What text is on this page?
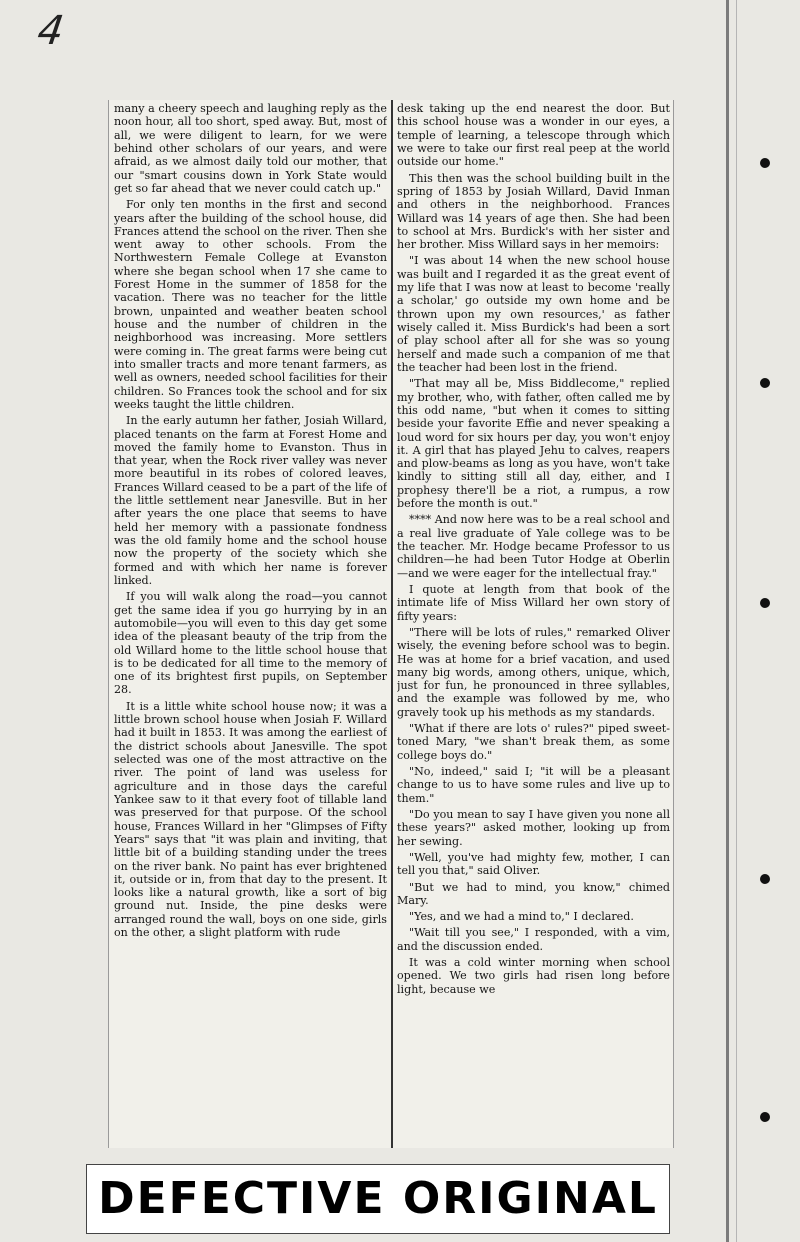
4

many a cheery speech and laughing reply as the noon hour, all too short, sped away. But, most of all, we were diligent to learn, for we were behind other scholars of our years, and were afraid, as we almost daily told our mother, that our "smart cousins down in York State would get so far ahead that we never could catch up."

For only ten months in the first and second years after the building of the school house, did Frances attend the school on the river. Then she went away to other schools. From the Northwestern Female College at Evanston where she began school when 17 she came to Forest Home in the summer of 1858 for the vacation. There was no teacher for the little brown, unpainted and weather beaten school house and the number of children in the neighborhood was increasing. More settlers were coming in. The great farms were being cut into smaller tracts and more tenant farmers, as well as owners, needed school facilities for their children. So Frances took the school and for six weeks taught the little children.

In the early autumn her father, Josiah Willard, placed tenants on the farm at Forest Home and moved the family home to Evanston. Thus in that year, when the Rock river valley was never more beautiful in its robes of colored leaves, Frances Willard ceased to be a part of the life of the little settlement near Janesville. But in her after years the one place that seems to have held her memory with a passionate fondness was the old family home and the school house now the property of the society which she formed and with which her name is forever linked.

If you will walk along the road—you cannot get the same idea if you go hurrying by in an automobile—you will even to this day get some idea of the pleasant beauty of the trip from the old Willard home to the little school house that is to be dedicated for all time to the memory of one of its brightest first pupils, on September 28.

It is a little white school house now; it was a little brown school house when Josiah F. Willard had it built in 1853. It was among the earliest of the district schools about Janesville. The spot selected was one of the most attractive on the river. The point of land was useless for agriculture and in those days the careful Yankee saw to it that every foot of tillable land was preserved for that purpose. Of the school house, Frances Willard in her "Glimpses of Fifty Years" says that "it was plain and inviting, that little bit of a building standing under the trees on the river bank. No paint has ever brightened it, outside or in, from that day to the present. It looks like a natural growth, like a sort of big ground nut. Inside, the pine desks were arranged round the wall, boys on one side, girls on the other, a slight platform with rude

desk taking up the end nearest the door. But this school house was a wonder in our eyes, a temple of learning, a telescope through which we were to take our first real peep at the world outside our home."

This then was the school building built in the spring of 1853 by Josiah Willard, David Inman and others in the neighborhood. Frances Willard was 14 years of age then. She had been to school at Mrs. Burdick's with her sister and her brother. Miss Willard says in her memoirs:

"I was about 14 when the new school house was built and I regarded it as the great event of my life that I was now at least to become 'really a scholar,' go outside my own home and be thrown upon my own resources,' as father wisely called it. Miss Burdick's had been a sort of play school after all for she was so young herself and made such a companion of me that the teacher had been lost in the friend.

"That may all be, Miss Biddlecome," replied my brother, who, with father, often called me by this odd name, "but when it comes to sitting beside your favorite Effie and never speaking a loud word for six hours per day, you won't enjoy it. A girl that has played Jehu to calves, reapers and plow-beams as long as you have, won't take kindly to sitting still all day, either, and I prophesy there'll be a riot, a rumpus, a row before the month is out."

**** And now here was to be a real school and a real live graduate of Yale college was to be the teacher. Mr. Hodge became Professor to us children—he had been Tutor Hodge at Oberlin—and we were eager for the intellectual fray."

I quote at length from that book of the intimate life of Miss Willard her own story of fifty years:

"There will be lots of rules," remarked Oliver wisely, the evening before school was to begin. He was at home for a brief vacation, and used many big words, among others, unique, which, just for fun, he pronounced in three syllables, and the example was followed by me, who gravely took up his methods as my standards.

"What if there are lots o' rules?" piped sweet-toned Mary, "we shan't break them, as some college boys do."

"No, indeed," said I; "it will be a pleasant change to us to have some rules and live up to them."

"Do you mean to say I have given you none all these years?" asked mother, looking up from her sewing.

"Well, you've had mighty few, mother, I can tell you that," said Oliver.

"But we had to mind, you know," chimed Mary.

"Yes, and we had a mind to," I declared.

"Wait till you see," I responded, with a vim, and the discussion ended.

It was a cold winter morning when school opened. We two girls had risen long before light, because we

DEFECTIVE ORIGINAL
